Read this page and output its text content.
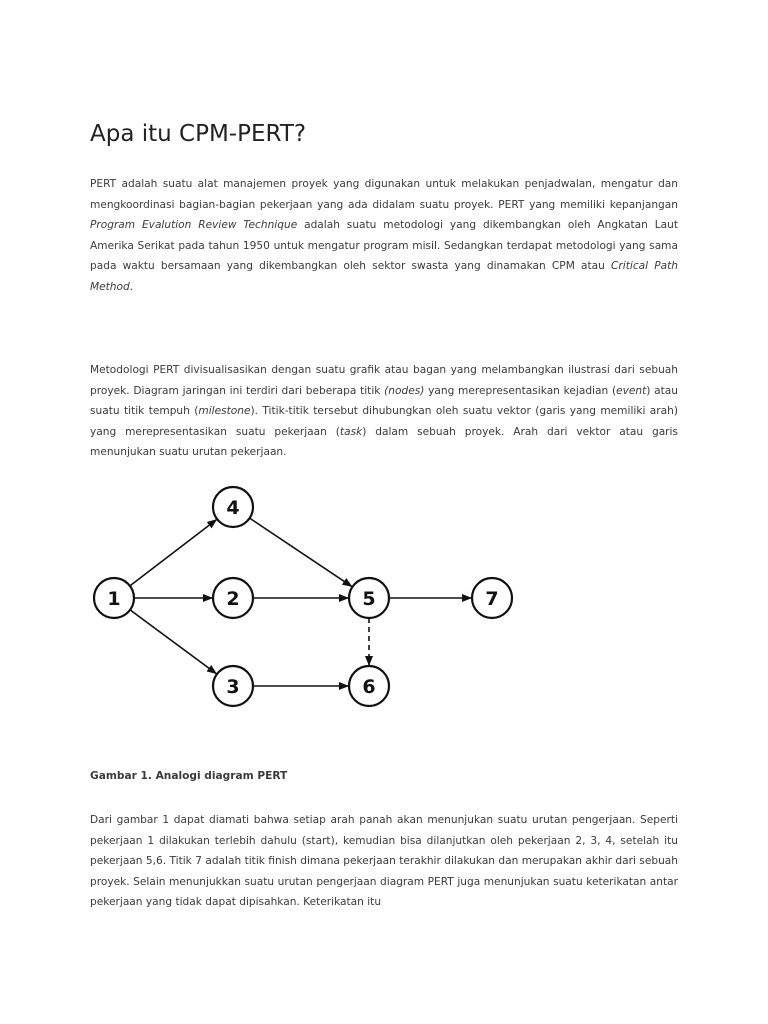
Apa itu CPM-PERT?

PERT adalah suatu alat manajemen proyek yang digunakan untuk melakukan penjadwalan, mengatur dan mengkoordinasi bagian-bagian pekerjaan yang ada didalam suatu proyek. PERT yang memiliki kepanjangan Program Evalution Review Technique adalah suatu metodologi yang dikembangkan oleh Angkatan Laut Amerika Serikat pada tahun 1950 untuk mengatur program misil. Sedangkan terdapat metodologi yang sama pada waktu bersamaan yang dikembangkan oleh sektor swasta yang dinamakan CPM atau Critical Path Method.

Metodologi PERT divisualisasikan dengan suatu grafik atau bagan yang melambangkan ilustrasi dari sebuah proyek. Diagram jaringan ini terdiri dari beberapa titik (nodes) yang merepresentasikan kejadian (event) atau suatu titik tempuh (milestone). Titik-titik tersebut dihubungkan oleh suatu vektor (garis yang memiliki arah) yang merepresentasikan suatu pekerjaan (task) dalam sebuah proyek. Arah dari vektor atau garis menunjukan suatu urutan pekerjaan.

Gambar 1. Analogi diagram PERT

Dari gambar 1 dapat diamati bahwa setiap arah panah akan menunjukan suatu urutan pengerjaan. Seperti pekerjaan 1 dilakukan terlebih dahulu (start), kemudian bisa dilanjutkan oleh pekerjaan 2, 3, 4, setelah itu pekerjaan 5,6. Titik 7 adalah titik finish dimana pekerjaan terakhir dilakukan dan merupakan akhir dari sebuah proyek. Selain menunjukkan suatu urutan pengerjaan diagram PERT juga menunjukan suatu keterikatan antar pekerjaan yang tidak dapat dipisahkan. Keterikatan itu

1	2
3
4
5
6
7
